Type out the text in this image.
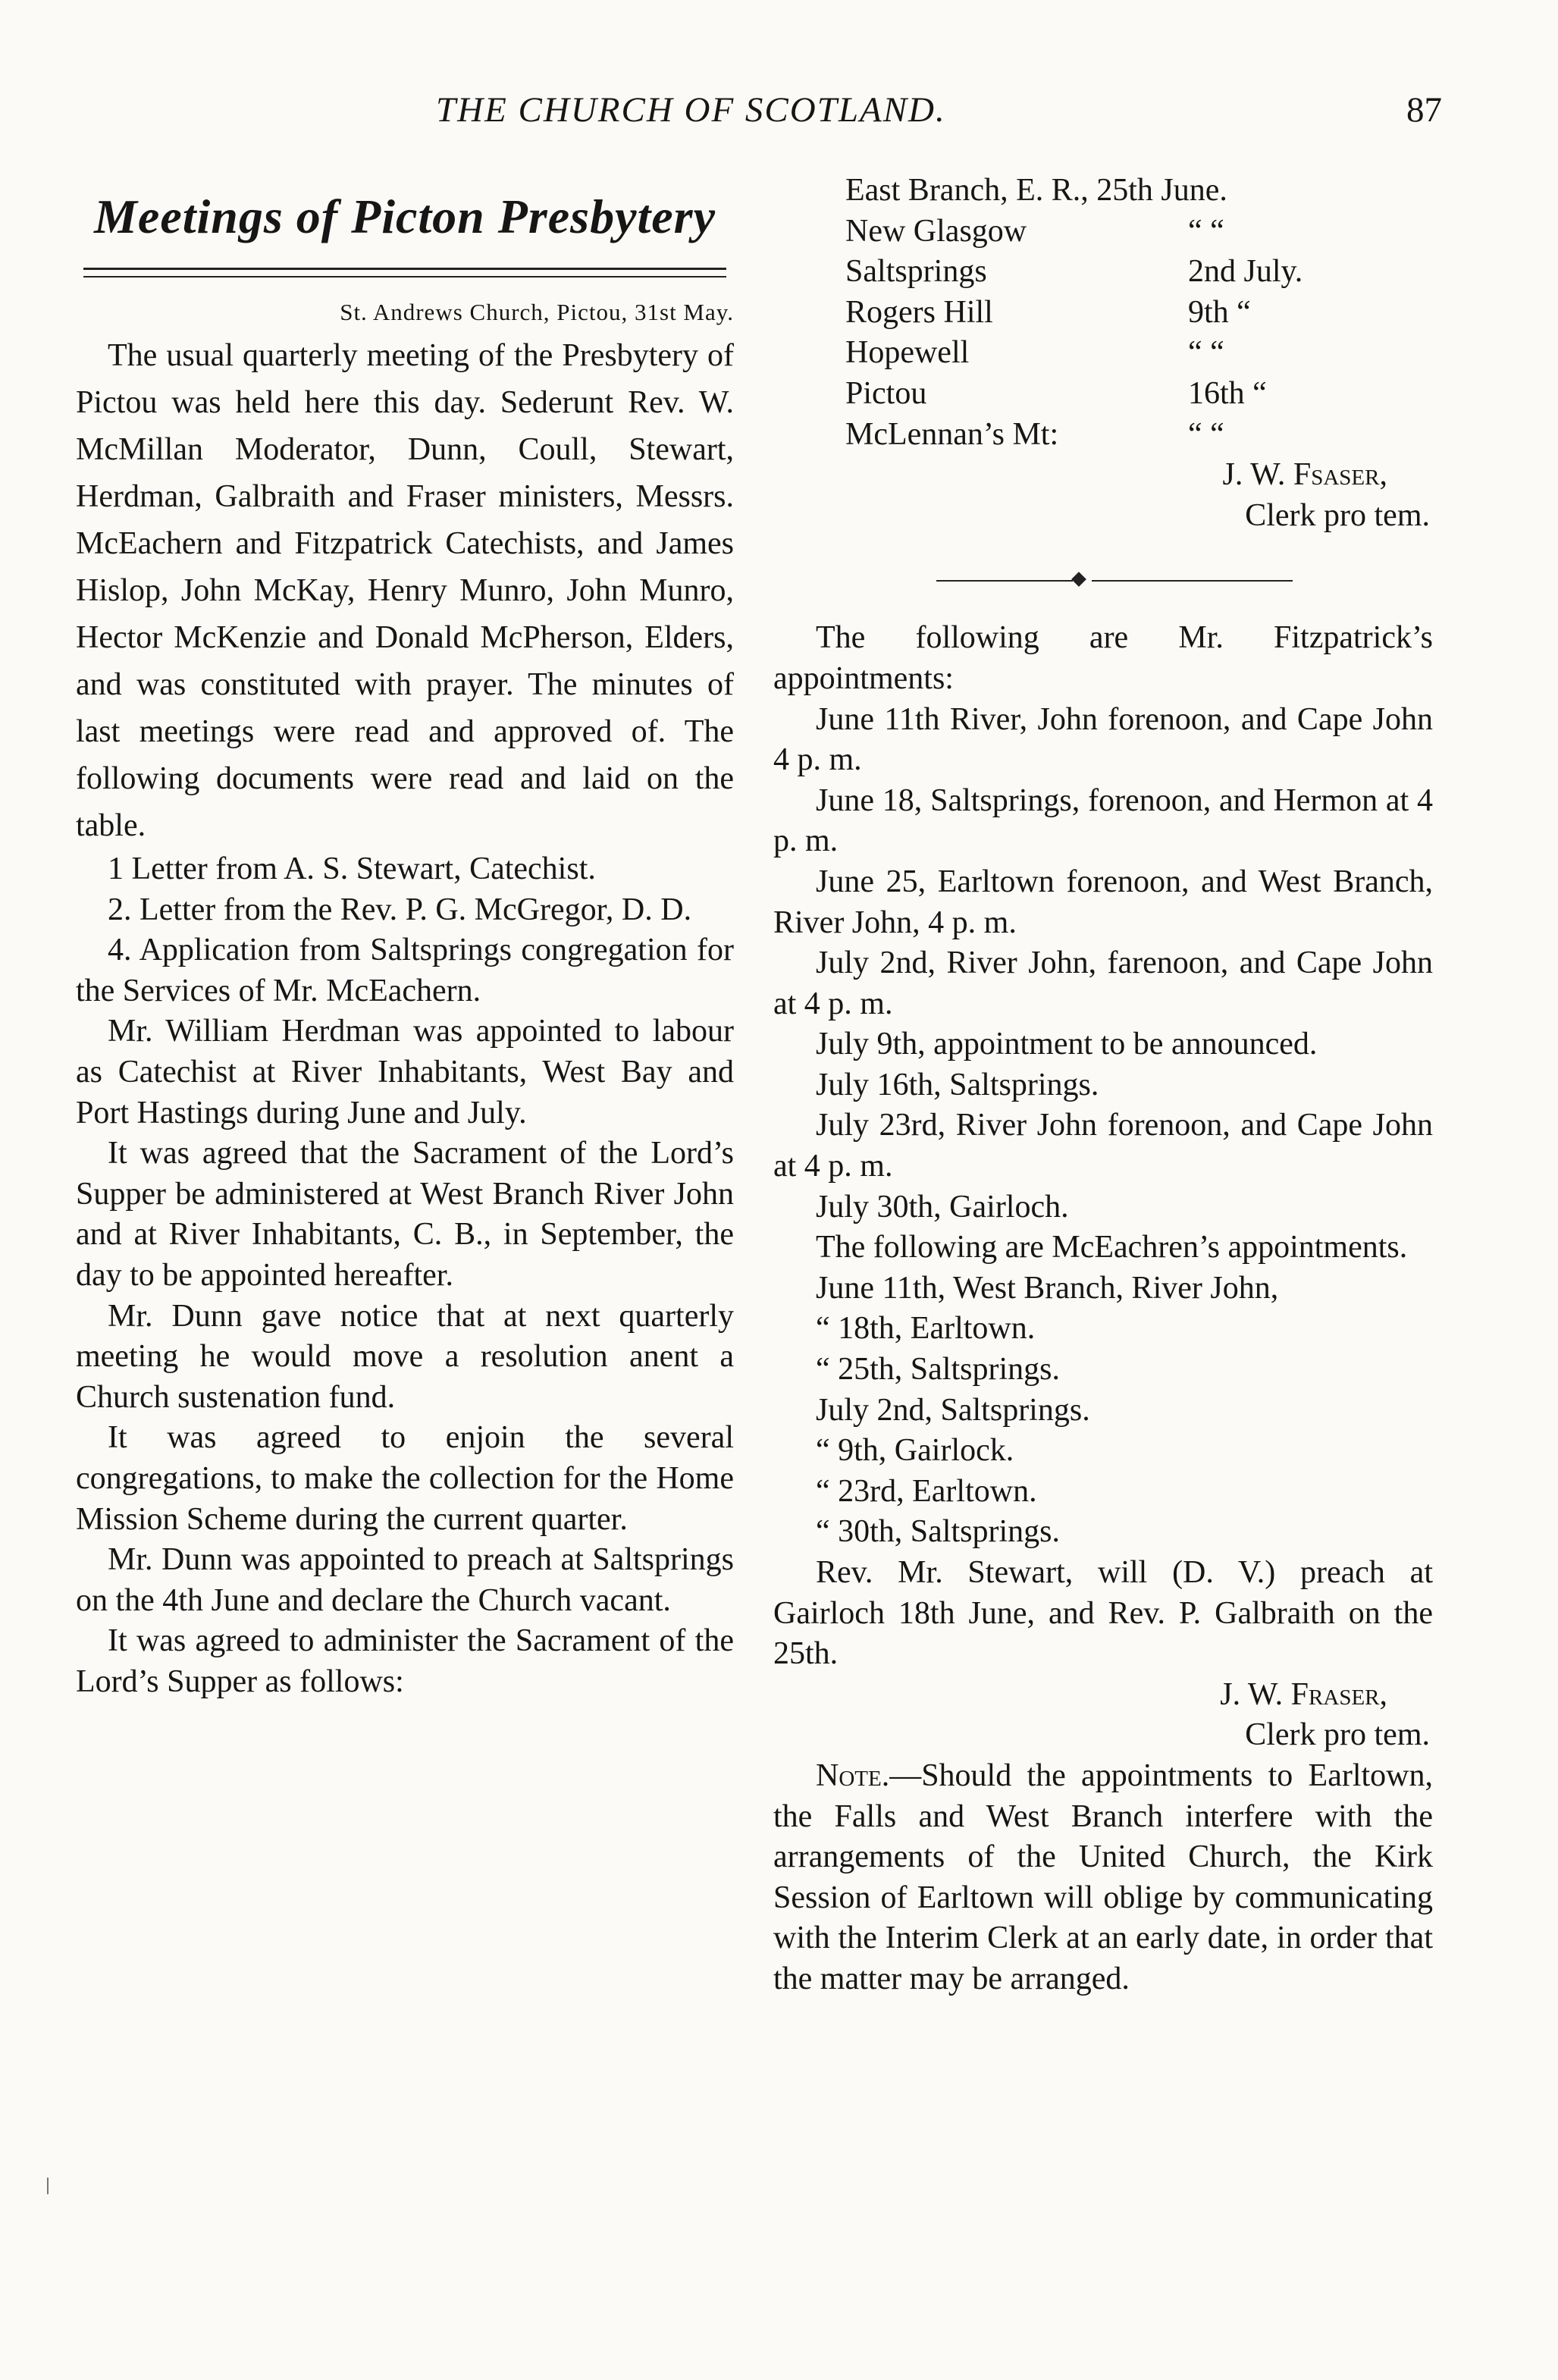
THE CHURCH OF SCOTLAND.	87
Meetings of Picton Presbytery
St. Andrews Church, Pictou, 31st May.

The usual quarterly meeting of the Presbytery of Pictou was held here this day. Sederunt Rev. W. McMillan Moderator, Dunn, Coull, Stewart, Herdman, Galbraith and Fraser ministers, Messrs. McEachern and Fitzpatrick Catechists, and James Hislop, John McKay, Henry Munro, John Munro, Hector McKenzie and Donald McPherson, Elders, and was constituted with prayer. The minutes of last meetings were read and approved of. The following documents were read and laid on the table.

1 Letter from A. S. Stewart, Catechist.

2. Letter from the Rev. P. G. McGregor, D. D.

4. Application from Saltsprings congregation for the Services of Mr. McEachern.

Mr. William Herdman was appointed to labour as Catechist at River Inhabitants, West Bay and Port Hastings during June and July.

It was agreed that the Sacrament of the Lord’s Supper be administered at West Branch River John and at River Inhabitants, C. B., in September, the day to be appointed hereafter.

Mr. Dunn gave notice that at next quarterly meeting he would move a resolution anent a Church sustenation fund.

It was agreed to enjoin the several congregations, to make the collection for the Home Mission Scheme during the current quarter.

Mr. Dunn was appointed to preach at Saltsprings on the 4th June and declare the Church vacant.

It was agreed to administer the Sacrament of the Lord’s Supper as follows:

East Branch, E. R., 25th June.
New Glasgow	“ “
Saltsprings	2nd July.
Rogers Hill	9th “
Hopewell	“ “
Pictou	16th “
McLennan’s Mt:	“ “
J. W. Fsaser,
Clerk pro tem.

The following are Mr. Fitzpatrick’s appointments:

June 11th River, John forenoon, and Cape John 4 p. m.

June 18, Saltsprings, forenoon, and Hermon at 4 p. m.

June 25, Earltown forenoon, and West Branch, River John, 4 p. m.

July 2nd, River John, farenoon, and Cape John at 4 p. m.

July 9th, appointment to be announced.

July 16th, Saltsprings.

July 23rd, River John forenoon, and Cape John at 4 p. m.

July 30th, Gairloch.

The following are McEachren’s appointments.

June 11th, West Branch, River John,
“ 18th, Earltown.
“ 25th, Saltsprings.
July 2nd, Saltsprings.
“ 9th, Gairlock.
“ 23rd, Earltown.
“ 30th, Saltsprings.

Rev. Mr. Stewart, will (D. V.) preach at Gairloch 18th June, and Rev. P. Galbraith on the 25th.

J. W. Fraser,
Clerk pro tem.

Note.—Should the appointments to Earltown, the Falls and West Branch interfere with the arrangements of the United Church, the Kirk Session of Earltown will oblige by communicating with the Interim Clerk at an early date, in order that the matter may be arranged.
